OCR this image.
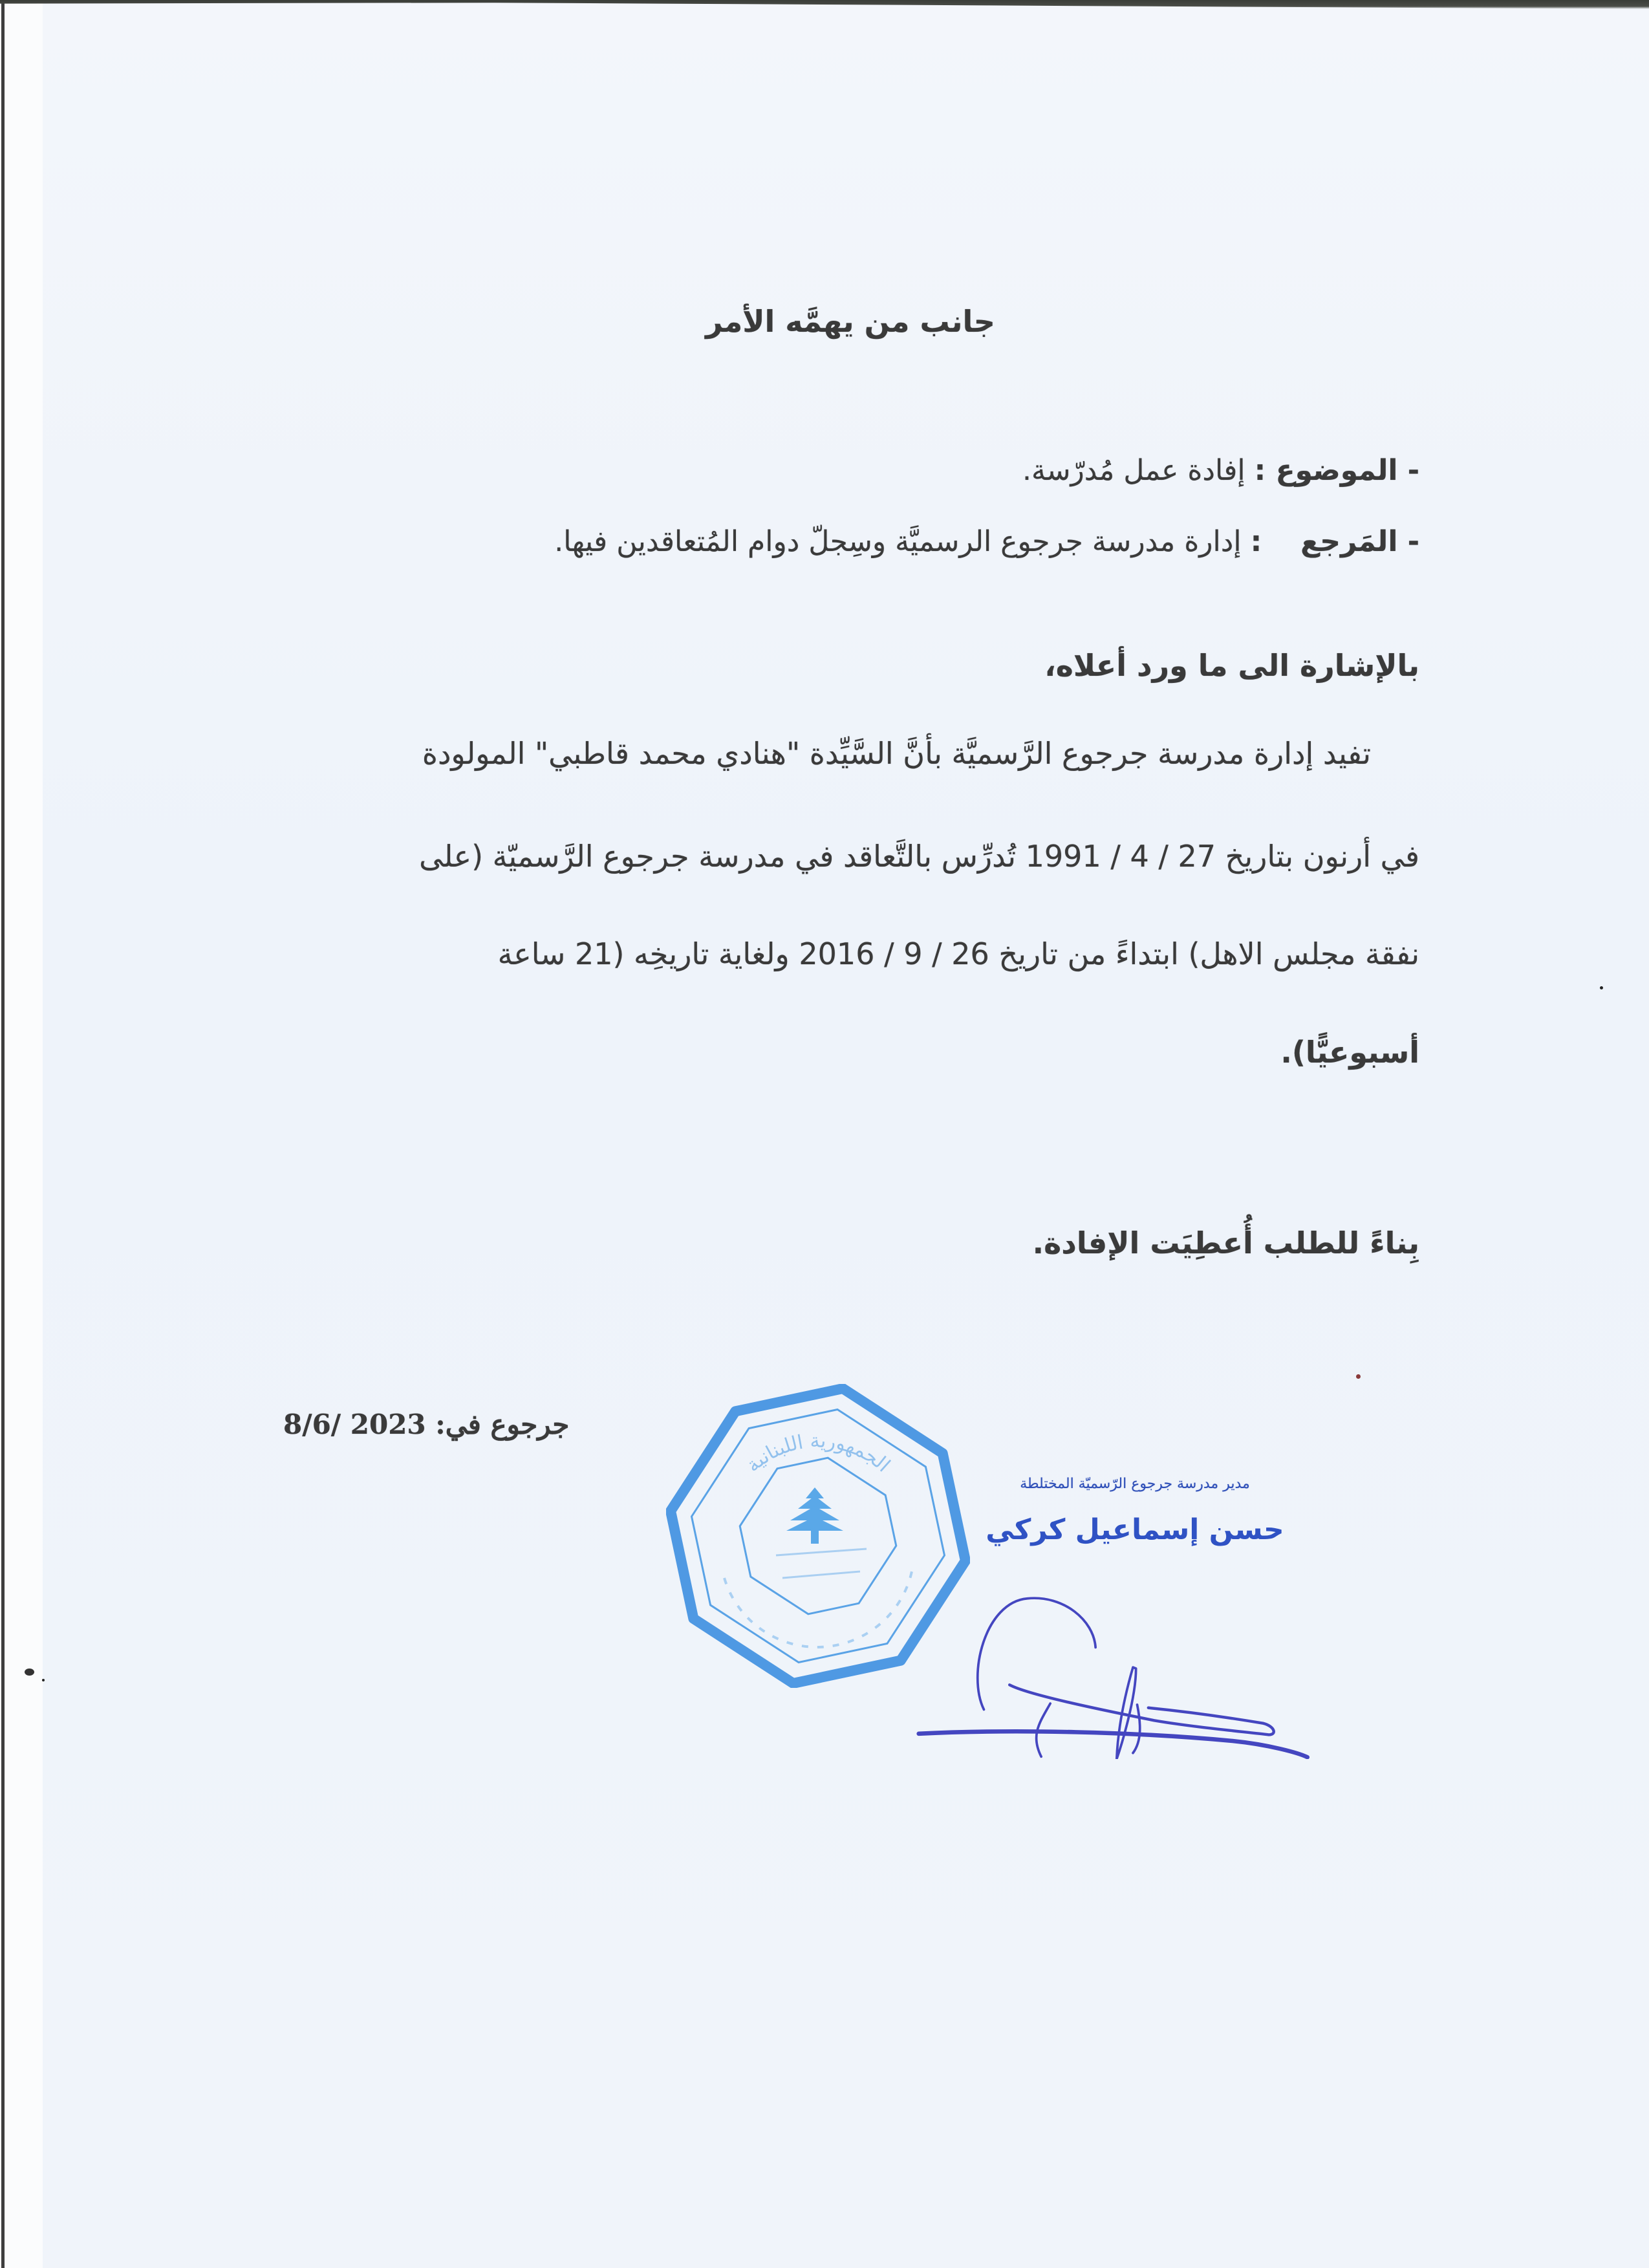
جانب من يهمَّه الأمر
- الموضوع : إفادة عمل مُدرّسة.
- المَرجع: إدارة مدرسة جرجوع الرسميَّة وسِجلّ دوام المُتعاقدين فيها.
بالإشارة الى ما ورد أعلاه،
تفيد إدارة مدرسة جرجوع الرَّسميَّة بأنَّ السَّيِّدة "هنادي محمد قاطبي" المولودة
في أرنون بتاريخ 27 / 4 / 1991 تُدرِّس بالتَّعاقد في مدرسة جرجوع الرَّسميّة (على
نفقة مجلس الاهل) ابتداءً من تاريخ 26 / 9 / 2016 ولغاية تاريخِه (21 ساعة
أسبوعيًّا).
بِناءً للطلب أُعطِيَت الإفادة.
جرجوع في: 8/6/ 2023
الجمهورية اللبنانية
مدير مدرسة جرجوع الرّسميّة المختلطة
حسن إسماعيل كركي
